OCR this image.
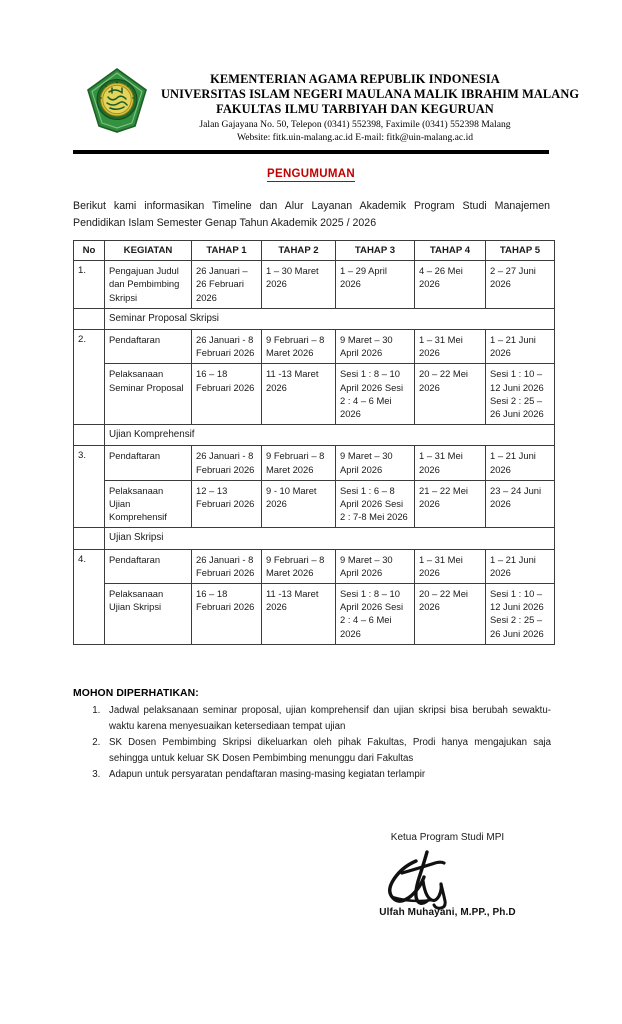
KEMENTERIAN AGAMA REPUBLIK INDONESIA
UNIVERSITAS ISLAM NEGERI MAULANA MALIK IBRAHIM MALANG
FAKULTAS ILMU TARBIYAH DAN KEGURUAN
Jalan Gajayana No. 50, Telepon (0341) 552398, Faximile (0341) 552398 Malang
Website: fitk.uin-malang.ac.id E-mail: fitk@uin-malang.ac.id
PENGUMUMAN
Berikut kami informasikan Timeline dan Alur Layanan Akademik Program Studi Manajemen Pendidikan Islam Semester Genap Tahun Akademik 2025 / 2026
No	KEGIATAN	TAHAP 1	TAHAP 2	TAHAP 3	TAHAP 4	TAHAP 5
1.	Pengajuan Judul dan Pembimbing Skripsi	26 Januari – 26 Februari 2026	1 – 30 Maret 2026	1 – 29 April 2026	4 – 26 Mei 2026	2 – 27 Juni 2026
	Seminar Proposal Skripsi					
2.	Pendaftaran	26 Januari - 8 Februari 2026	9 Februari – 8 Maret 2026	9 Maret – 30 April 2026	1 – 31 Mei 2026	1 – 21 Juni 2026
	Pelaksanaan Seminar Proposal	16 – 18 Februari 2026	11 -13 Maret 2026	Sesi 1 : 8 – 10 April 2026 Sesi 2 : 4 – 6 Mei 2026	20 – 22 Mei 2026	Sesi 1 : 10 – 12 Juni 2026 Sesi 2 : 25 – 26 Juni 2026
	Ujian Komprehensif					
3.	Pendaftaran	26 Januari - 8 Februari 2026	9 Februari – 8 Maret 2026	9 Maret – 30 April 2026	1 – 31 Mei 2026	1 – 21 Juni 2026
	Pelaksanaan Ujian Komprehensif	12 – 13 Februari 2026	9 - 10 Maret 2026	Sesi 1 : 6 – 8 April 2026 Sesi 2 : 7-8 Mei 2026	21 – 22 Mei 2026	23 – 24 Juni 2026
	Ujian Skripsi					
4.	Pendaftaran	26 Januari - 8 Februari 2026	9 Februari – 8 Maret 2026	9 Maret – 30 April 2026	1 – 31 Mei 2026	1 – 21 Juni 2026
	Pelaksanaan Ujian Skripsi	16 – 18 Februari 2026	11 -13 Maret 2026	Sesi 1 : 8 – 10 April 2026 Sesi 2 : 4 – 6 Mei 2026	20 – 22 Mei 2026	Sesi 1 : 10 – 12 Juni 2026 Sesi 2 : 25 – 26 Juni 2026
MOHON DIPERHATIKAN:
1. Jadwal pelaksanaan seminar proposal, ujian komprehensif dan ujian skripsi bisa berubah sewaktu-waktu karena menyesuaikan ketersediaan tempat ujian
2. SK Dosen Pembimbing Skripsi dikeluarkan oleh pihak Fakultas, Prodi hanya mengajukan saja sehingga untuk keluar SK Dosen Pembimbing menunggu dari Fakultas
3. Adapun untuk persyaratan pendaftaran masing-masing kegiatan terlampir
Ketua Program Studi MPI
Ulfah Muhayani, M.PP., Ph.D
